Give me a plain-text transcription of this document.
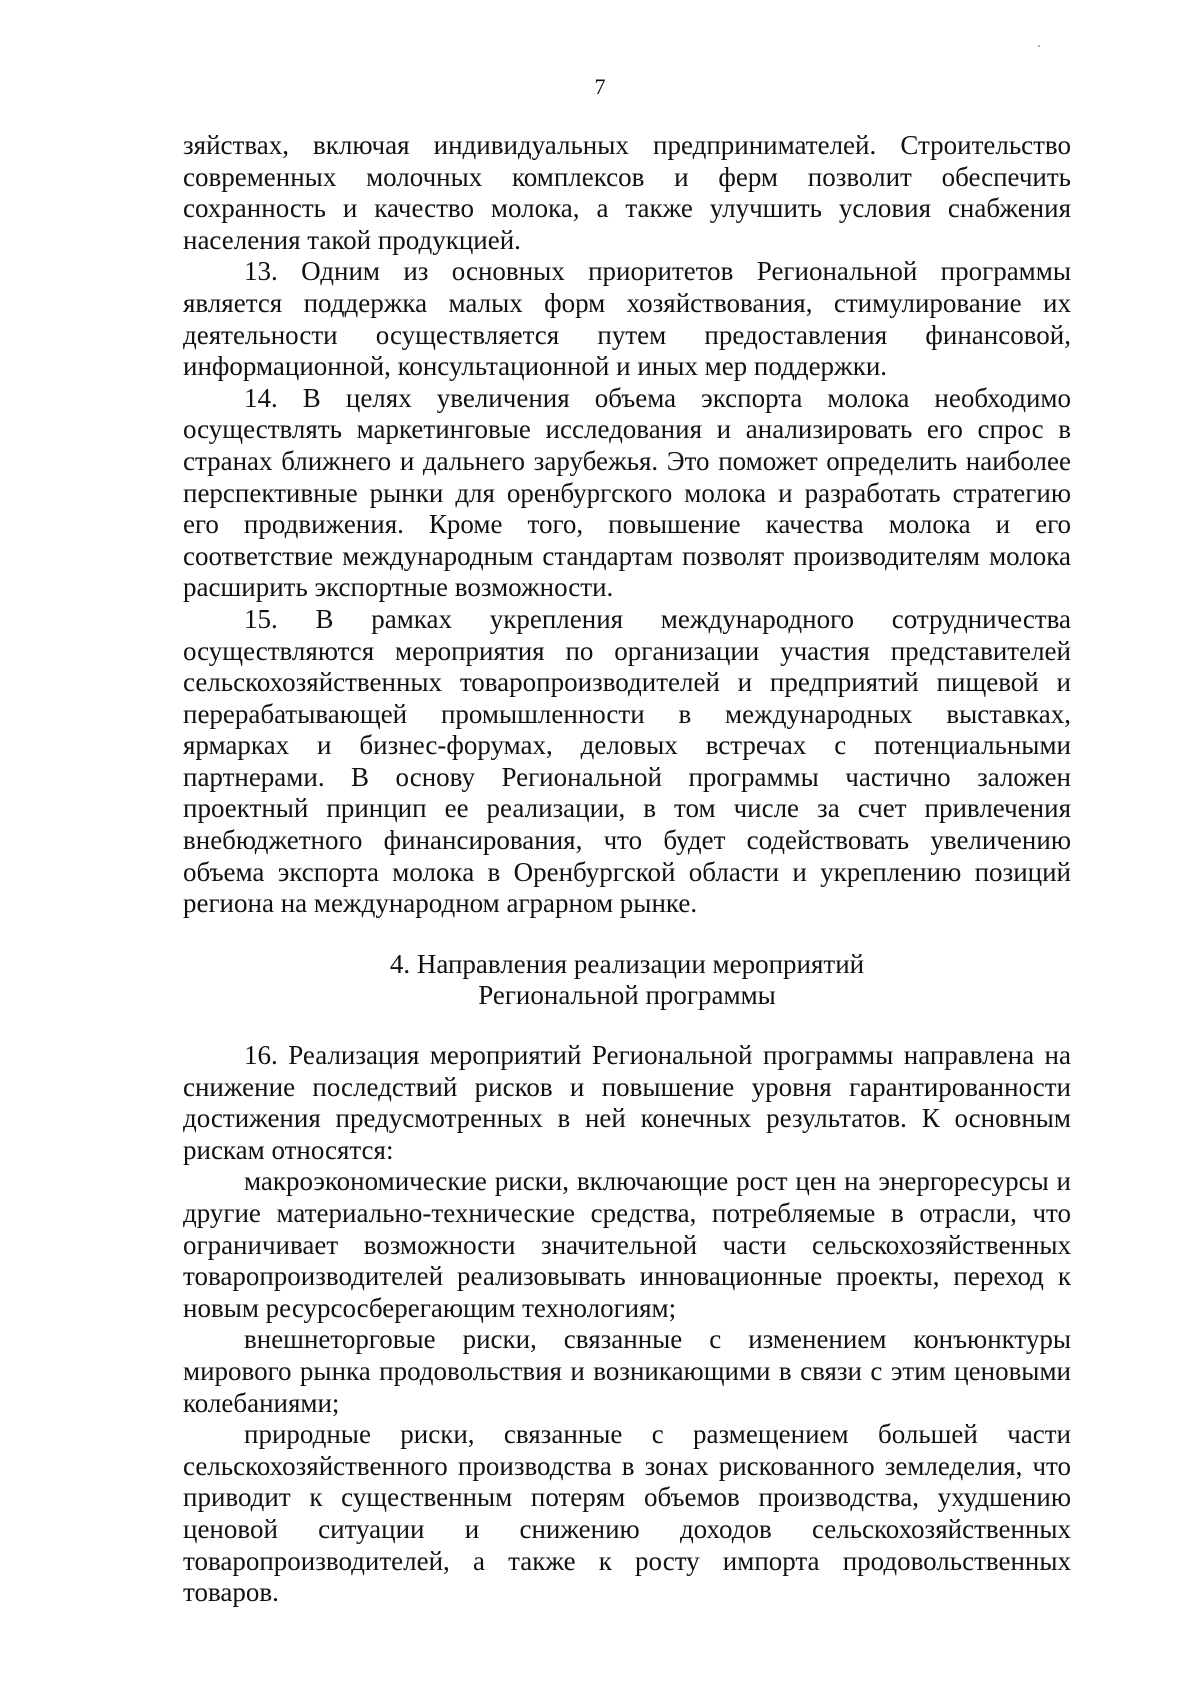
7

зяйствах, включая индивидуальных предпринимателей. Строительство современных молочных комплексов и ферм позволит обеспечить сохранность и качество молока, а также улучшить условия снабжения населения такой продукцией.

13. Одним из основных приоритетов Региональной программы является поддержка малых форм хозяйствования, стимулирование их деятельности осуществляется путем предоставления финансовой, информационной, консультационной и иных мер поддержки.

14. В целях увеличения объема экспорта молока необходимо осуществлять маркетинговые исследования и анализировать его спрос в странах ближнего и дальнего зарубежья. Это поможет определить наиболее перспективные рынки для оренбургского молока и разработать стратегию его продвижения. Кроме того, повышение качества молока и его соответствие международным стандартам позволят производителям молока расширить экспортные возможности.

15. В рамках укрепления международного сотрудничества осуществляются мероприятия по организации участия представителей сельскохозяйственных товаропроизводителей и предприятий пищевой и перерабатывающей промышленности в международных выставках, ярмарках и бизнес-форумах, деловых встречах с потенциальными партнерами. В основу Региональной программы частично заложен проектный принцип ее реализации, в том числе за счет привлечения внебюджетного финансирования, что будет содействовать увеличению объема экспорта молока в Оренбургской области и укреплению позиций региона на международном аграрном рынке.

4. Направления реализации мероприятий
Региональной программы

16. Реализация мероприятий Региональной программы направлена на снижение последствий рисков и повышение уровня гарантированности достижения предусмотренных в ней конечных результатов. К основным рискам относятся:

макроэкономические риски, включающие рост цен на энергоресурсы и другие материально-технические средства, потребляемые в отрасли, что ограничивает возможности значительной части сельскохозяйственных товаропроизводителей реализовывать инновационные проекты, переход к новым ресурсосберегающим технологиям;

внешнеторговые риски, связанные с изменением конъюнктуры мирового рынка продовольствия и возникающими в связи с этим ценовыми колебаниями;

природные риски, связанные с размещением большей части сельскохозяйственного производства в зонах рискованного земледелия, что приводит к существенным потерям объемов производства, ухудшению ценовой ситуации и снижению доходов сельскохозяйственных товаропроизводителей, а также к росту импорта продовольственных товаров.
